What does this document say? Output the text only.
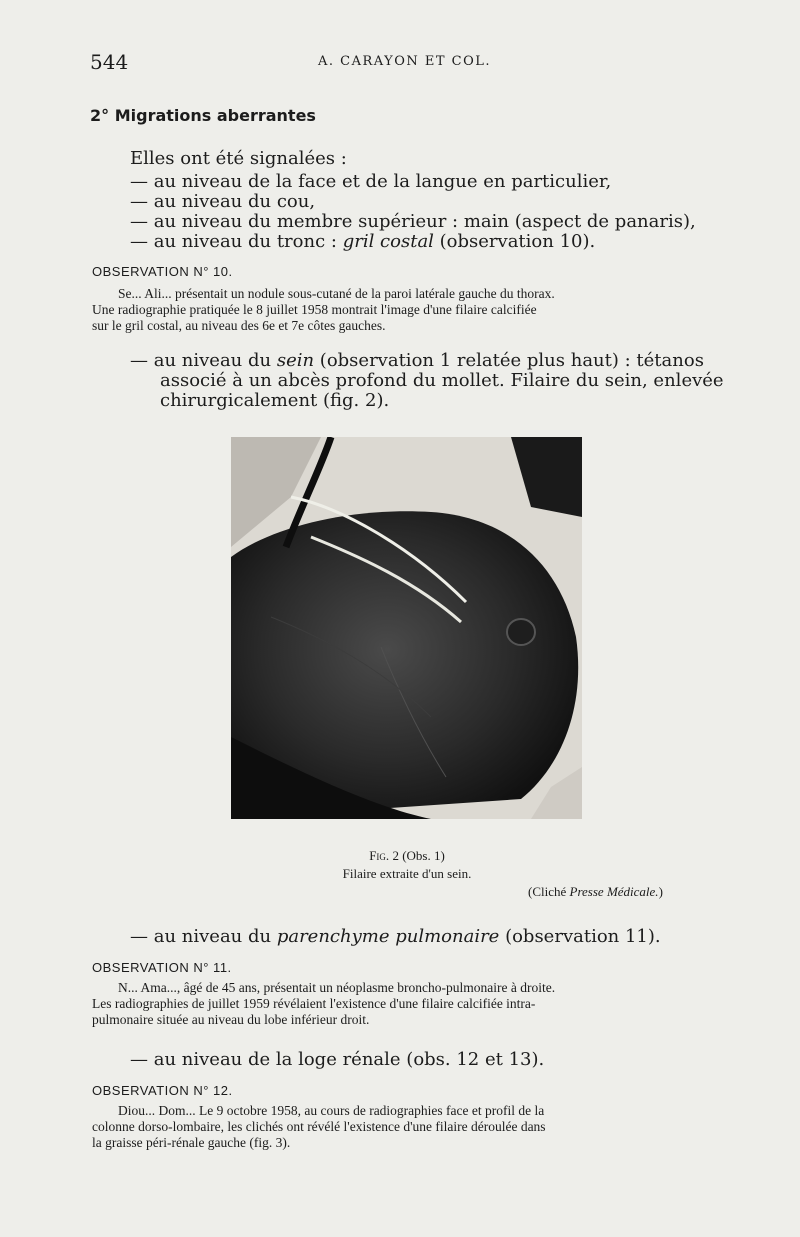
544	A. CARAYON ET COL.
2° Migrations aberrantes
Elles ont été signalées :
— au niveau de la face et de la langue en particulier,
— au niveau du cou,
— au niveau du membre supérieur : main (aspect de panaris),
— au niveau du tronc : gril costal (observation 10).
OBSERVATION N° 10.
Se... Ali... présentait un nodule sous-cutané de la paroi latérale gauche du thorax.
Une radiographie pratiquée le 8 juillet 1958 montrait l'image d'une filaire calcifiée
sur le gril costal, au niveau des 6e et 7e côtes gauches.
— au niveau du sein (observation 1 relatée plus haut) : tétanos
associé à un abcès profond du mollet. Filaire du sein, enlevée
chirurgicalement (fig. 2).
Fig. 2 (Obs. 1)
Filaire extraite d'un sein.
(Cliché Presse Médicale.)
— au niveau du parenchyme pulmonaire (observation 11).
OBSERVATION N° 11.
N... Ama..., âgé de 45 ans, présentait un néoplasme broncho-pulmonaire à droite.
Les radiographies de juillet 1959 révélaient l'existence d'une filaire calcifiée intra-
pulmonaire située au niveau du lobe inférieur droit.
— au niveau de la loge rénale (obs. 12 et 13).
OBSERVATION N° 12.
Diou... Dom... Le 9 octobre 1958, au cours de radiographies face et profil de la
colonne dorso-lombaire, les clichés ont révélé l'existence d'une filaire déroulée dans
la graisse péri-rénale gauche (fig. 3).
